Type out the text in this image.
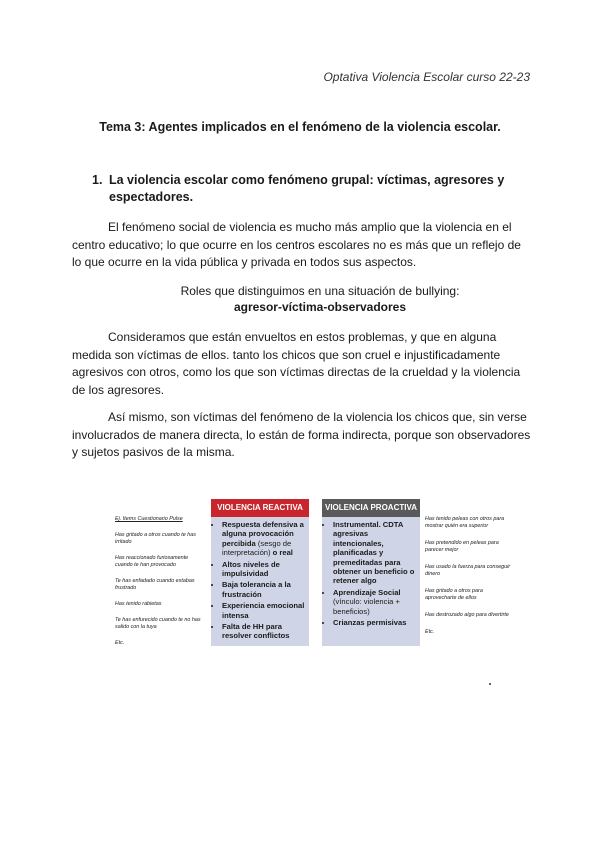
Optativa Violencia Escolar curso 22-23
Tema 3: Agentes implicados en el fenómeno de la violencia escolar.
1. La violencia escolar como fenómeno grupal: víctimas, agresores y espectadores.
El fenómeno social de violencia es mucho más amplio que la violencia en el centro educativo; lo que ocurre en los centros escolares no es más que un reflejo de lo que ocurre en la vida pública y privada en todos sus aspectos.
Roles que distinguimos en una situación de bullying:
agresor-víctima-observadores
Consideramos que están envueltos en estos problemas, y que en alguna medida son víctimas de ellos. tanto los chicos que son cruel e injustificadamente agresivos con otros, como los que son víctimas directas de la crueldad y la violencia de los agresores.
Así mismo, son víctimas del fenómeno de la violencia los chicos que, sin verse involucrados de manera directa, lo están de forma indirecta, porque son observadores y sujetos pasivos de la misma.
Ej. Items Cuestionario Pulse
Has gritado a otros cuando te has irritado
Has reaccionado furiosamente cuando te han provocado
Te has enfadado cuando estabas frustrado
Has tenido rabietas
Te has enfurecido cuando te no has salido con la tuya
Etc.
VIOLENCIA REACTIVA
• Respuesta defensiva a alguna provocación percibida (sesgo de interpretación) o real
• Altos niveles de impulsividad
• Baja tolerancia a la frustración
• Experiencia emocional intensa
• Falta de HH para resolver conflictos
VIOLENCIA PROACTIVA
• Instrumental. CDTA agresivas intencionales, planificadas y premeditadas para obtener un beneficio o retener algo
• Aprendizaje Social (vínculo: violencia + beneficios)
• Crianzas permisivas
Has tenido peleas con otros para mostrar quién era superior
Has pretendido en peleas para parecer mejor
Has usado la fuerza para conseguir dinero
Has gritado a otros para aprovecharte de ellos
Has destrozado algo para divertirte
Etc.
